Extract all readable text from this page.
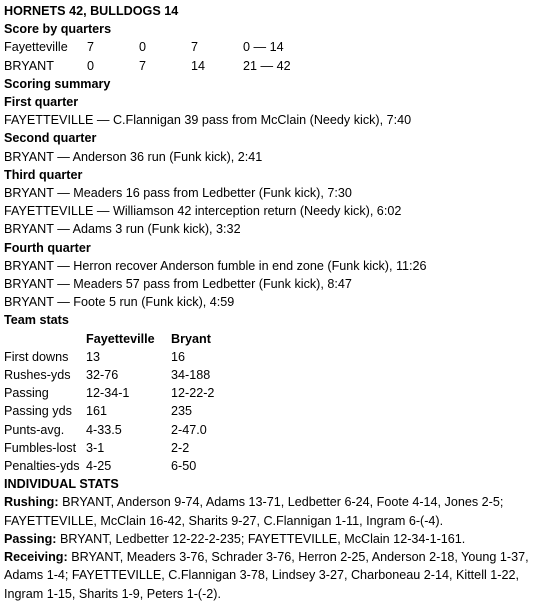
HORNETS 42, BULLDOGS 14
Score by quarters
Fayetteville	7	0	7	0 — 14
BRYANT	0	7	14	21 — 42
Scoring summary
First quarter
FAYETTEVILLE — C.Flannigan 39 pass from McClain (Needy kick), 7:40
Second quarter
BRYANT — Anderson 36 run (Funk kick), 2:41
Third quarter
BRYANT — Meaders 16 pass from Ledbetter (Funk kick), 7:30
FAYETTEVILLE — Williamson 42 interception return (Needy kick), 6:02
BRYANT — Adams 3 run (Funk kick), 3:32
Fourth quarter
BRYANT — Herron recover Anderson fumble in end zone (Funk kick), 11:26
BRYANT — Meaders 57 pass from Ledbetter (Funk kick), 8:47
BRYANT — Foote 5 run (Funk kick), 4:59
Team stats
Fayetteville	Bryant
First downs	13	16
Rushes-yds	32-76	34-188
Passing	12-34-1	12-22-2
Passing yds	161	235
Punts-avg.	4-33.5	2-47.0
Fumbles-lost 3-1	2-2
Penalties-yds 4-25	6-50
INDIVIDUAL STATS
Rushing: BRYANT, Anderson 9-74, Adams 13-71, Ledbetter 6-24, Foote 4-14, Jones 2-5; FAYETTEVILLE, McClain 16-42, Sharits 9-27, C.Flannigan 1-11, Ingram 6-(-4).
Passing: BRYANT, Ledbetter 12-22-2-235; FAYETTEVILLE, McClain 12-34-1-161.
Receiving: BRYANT, Meaders 3-76, Schrader 3-76, Herron 2-25, Anderson 2-18, Young 1-37, Adams 1-4; FAYETTEVILLE, C.Flannigan 3-78, Lindsey 3-27, Charboneau 2-14, Kittell 1-22, Ingram 1-15, Sharits 1-9, Peters 1-(-2).
